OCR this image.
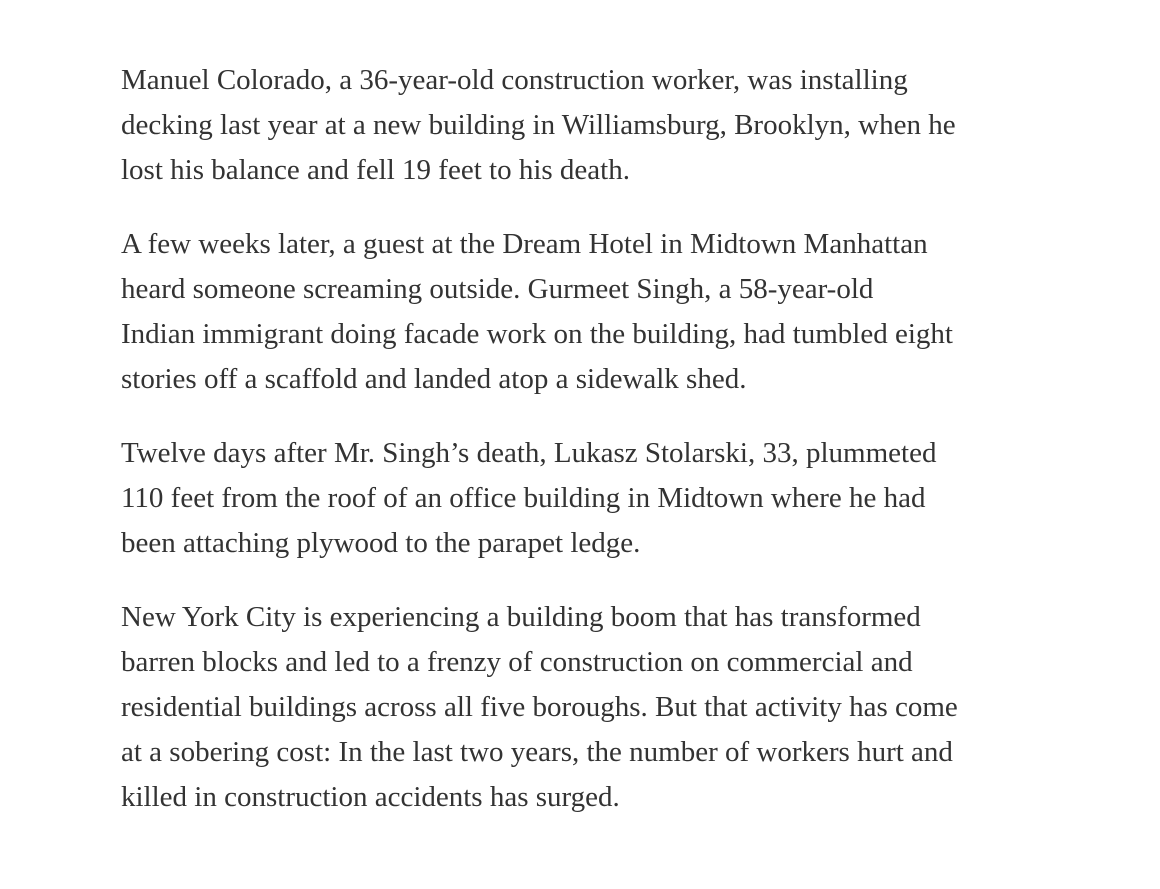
Manuel Colorado, a 36-year-old construction worker, was installing
decking last year at a new building in Williamsburg, Brooklyn, when he
lost his balance and fell 19 feet to his death.

A few weeks later, a guest at the Dream Hotel in Midtown Manhattan
heard someone screaming outside. Gurmeet Singh, a 58-year-old
Indian immigrant doing facade work on the building, had tumbled eight
stories off a scaffold and landed atop a sidewalk shed.

Twelve days after Mr. Singh’s death, Lukasz Stolarski, 33, plummeted
110 feet from the roof of an office building in Midtown where he had
been attaching plywood to the parapet ledge.

New York City is experiencing a building boom that has transformed
barren blocks and led to a frenzy of construction on commercial and
residential buildings across all five boroughs. But that activity has come
at a sobering cost: In the last two years, the number of workers hurt and
killed in construction accidents has surged.
